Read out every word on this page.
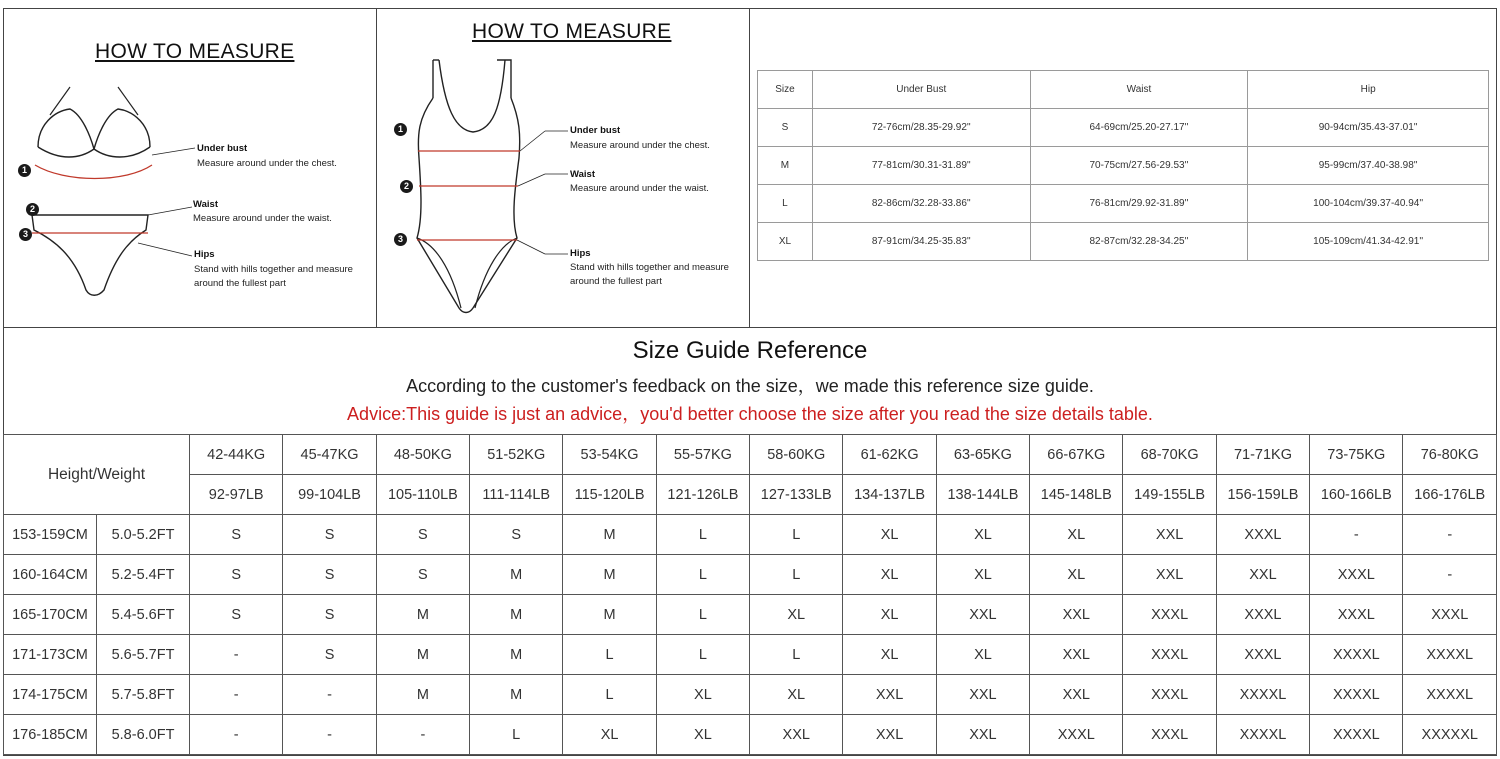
HOW TO MEASURE
1
2
3
Under bust
Measure around under the chest.
Waist
Measure around under the waist.
Hips
Stand with hills together and measure
around the fullest part
HOW TO MEASURE
1
2
3
Under bust
Measure around under the chest.
Waist
Measure around under the waist.
Hips
Stand with hills together and measure
around the fullest part
Size	Under Bust	Waist	Hip
S	72-76cm/28.35-29.92''	64-69cm/25.20-27.17''	90-94cm/35.43-37.01''
M	77-81cm/30.31-31.89''	70-75cm/27.56-29.53''	95-99cm/37.40-38.98''
L	82-86cm/32.28-33.86''	76-81cm/29.92-31.89''	100-104cm/39.37-40.94''
XL	87-91cm/34.25-35.83''	82-87cm/32.28-34.25''	105-109cm/41.34-42.91''
Size Guide Reference
According to the customer's feedback on the size，we made this reference size guide.
Advice:This guide is just an advice，you'd better choose the size after you read the size details table.
Height/Weight		42-44KG	45-47KG	48-50KG	51-52KG	53-54KG	55-57KG	58-60KG	61-62KG	63-65KG	66-67KG	68-70KG	71-71KG	73-75KG	76-80KG
		92-97LB	99-104LB	105-110LB	111-114LB	115-120LB	121-126LB	127-133LB	134-137LB	138-144LB	145-148LB	149-155LB	156-159LB	160-166LB	166-176LB
153-159CM	5.0-5.2FT	S	S	S	S	M	L	L	XL	XL	XL	XXL	XXXL	-	-
160-164CM	5.2-5.4FT	S	S	S	M	M	L	L	XL	XL	XL	XXL	XXL	XXXL	-
165-170CM	5.4-5.6FT	S	S	M	M	M	L	XL	XL	XXL	XXL	XXXL	XXXL	XXXL	XXXL
171-173CM	5.6-5.7FT	-	S	M	M	L	L	L	XL	XL	XXL	XXXL	XXXL	XXXXL	XXXXL
174-175CM	5.7-5.8FT	-	-	M	M	L	XL	XL	XXL	XXL	XXL	XXXL	XXXXL	XXXXL	XXXXL
176-185CM	5.8-6.0FT	-	-	-	L	XL	XL	XXL	XXL	XXL	XXXL	XXXL	XXXXL	XXXXL	XXXXXL
